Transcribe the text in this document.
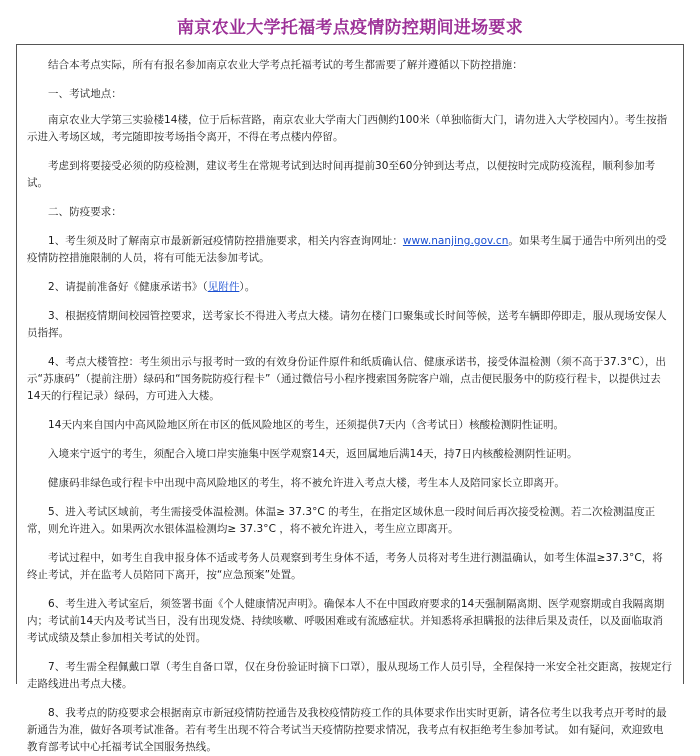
南京农业大学托福考点疫情防控期间进场要求

结合本考点实际，所有有报名参加南京农业大学考点托福考试的考生都需要了解并遵循以下防控措施：

一、考试地点：

南京农业大学第三实验楼14楼，位于后标营路，南京农业大学南大门西侧约100米（单独临街大门，请勿进入大学校园内）。考生按指示进入考场区域，考完随即按考场指令离开，不得在考点楼内停留。

考虑到将要接受必须的防疫检测，建议考生在常规考试到达时间再提前30至60分钟到达考点，以便按时完成防疫流程，顺利参加考试。

二、防疫要求：

1、考生须及时了解南京市最新新冠疫情防控措施要求，相关内容查询网址：www.nanjing.gov.cn。如果考生属于通告中所列出的受疫情防控措施限制的人员，将有可能无法参加考试。

2、请提前准备好《健康承诺书》（见附件）。

3、根据疫情期间校园管控要求，送考家长不得进入考点大楼。请勿在楼门口聚集或长时间等候，送考车辆即停即走，服从现场安保人员指挥。

4、考点大楼管控：考生须出示与报考时一致的有效身份证件原件和纸质确认信、健康承诺书，接受体温检测（须不高于37.3°C），出示“苏康码”（提前注册）绿码和“国务院防疫行程卡”（通过微信号小程序搜索国务院客户端，点击便民服务中的防疫行程卡，以提供过去14天的行程记录）绿码，方可进入大楼。

14天内来自国内中高风险地区所在市区的低风险地区的考生，还须提供7天内（含考试日）核酸检测阴性证明。

入境来宁返宁的考生，须配合入境口岸实施集中医学观察14天，返回属地后满14天，持7日内核酸检测阴性证明。

健康码非绿色或行程卡中出现中高风险地区的考生，将不被允许进入考点大楼，考生本人及陪同家长立即离开。

5、进入考试区域前，考生需接受体温检测。体温≥ 37.3°C 的考生，在指定区域休息一段时间后再次接受检测。若二次检测温度正常，则允许进入。如果两次水银体温检测均≥ 37.3°C ，将不被允许进入，考生应立即离开。

考试过程中，如考生自我申报身体不适或考务人员观察到考生身体不适，考务人员将对考生进行测温确认，如考生体温≥37.3°C，将终止考试，并在监考人员陪同下离开，按“应急预案”处置。

6、考生进入考试室后，须签署书面《个人健康情况声明》。确保本人不在中国政府要求的14天强制隔离期、医学观察期或自我隔离期内；考试前14天内及考试当日，没有出现发烧、持续咳嗽、呼吸困难或有流感症状。并知悉将承担瞒报的法律后果及责任，以及面临取消考试成绩及禁止参加相关考试的处罚。

7、考生需全程佩戴口罩（考生自备口罩，仅在身份验证时摘下口罩），服从现场工作人员引导，全程保持一米安全社交距离，按规定行走路线进出考点大楼。

8、我考点的防疫要求会根据南京市新冠疫情防控通告及我校疫情防疫工作的具体要求作出实时更新，请各位考生以我考点开考时的最新通告为准，做好各项考试准备。若有考生出现不符合考试当天疫情防控要求情况，我考点有权拒绝考生参加考试。 如有疑问，欢迎致电教育部考试中心托福考试全国服务热线。
